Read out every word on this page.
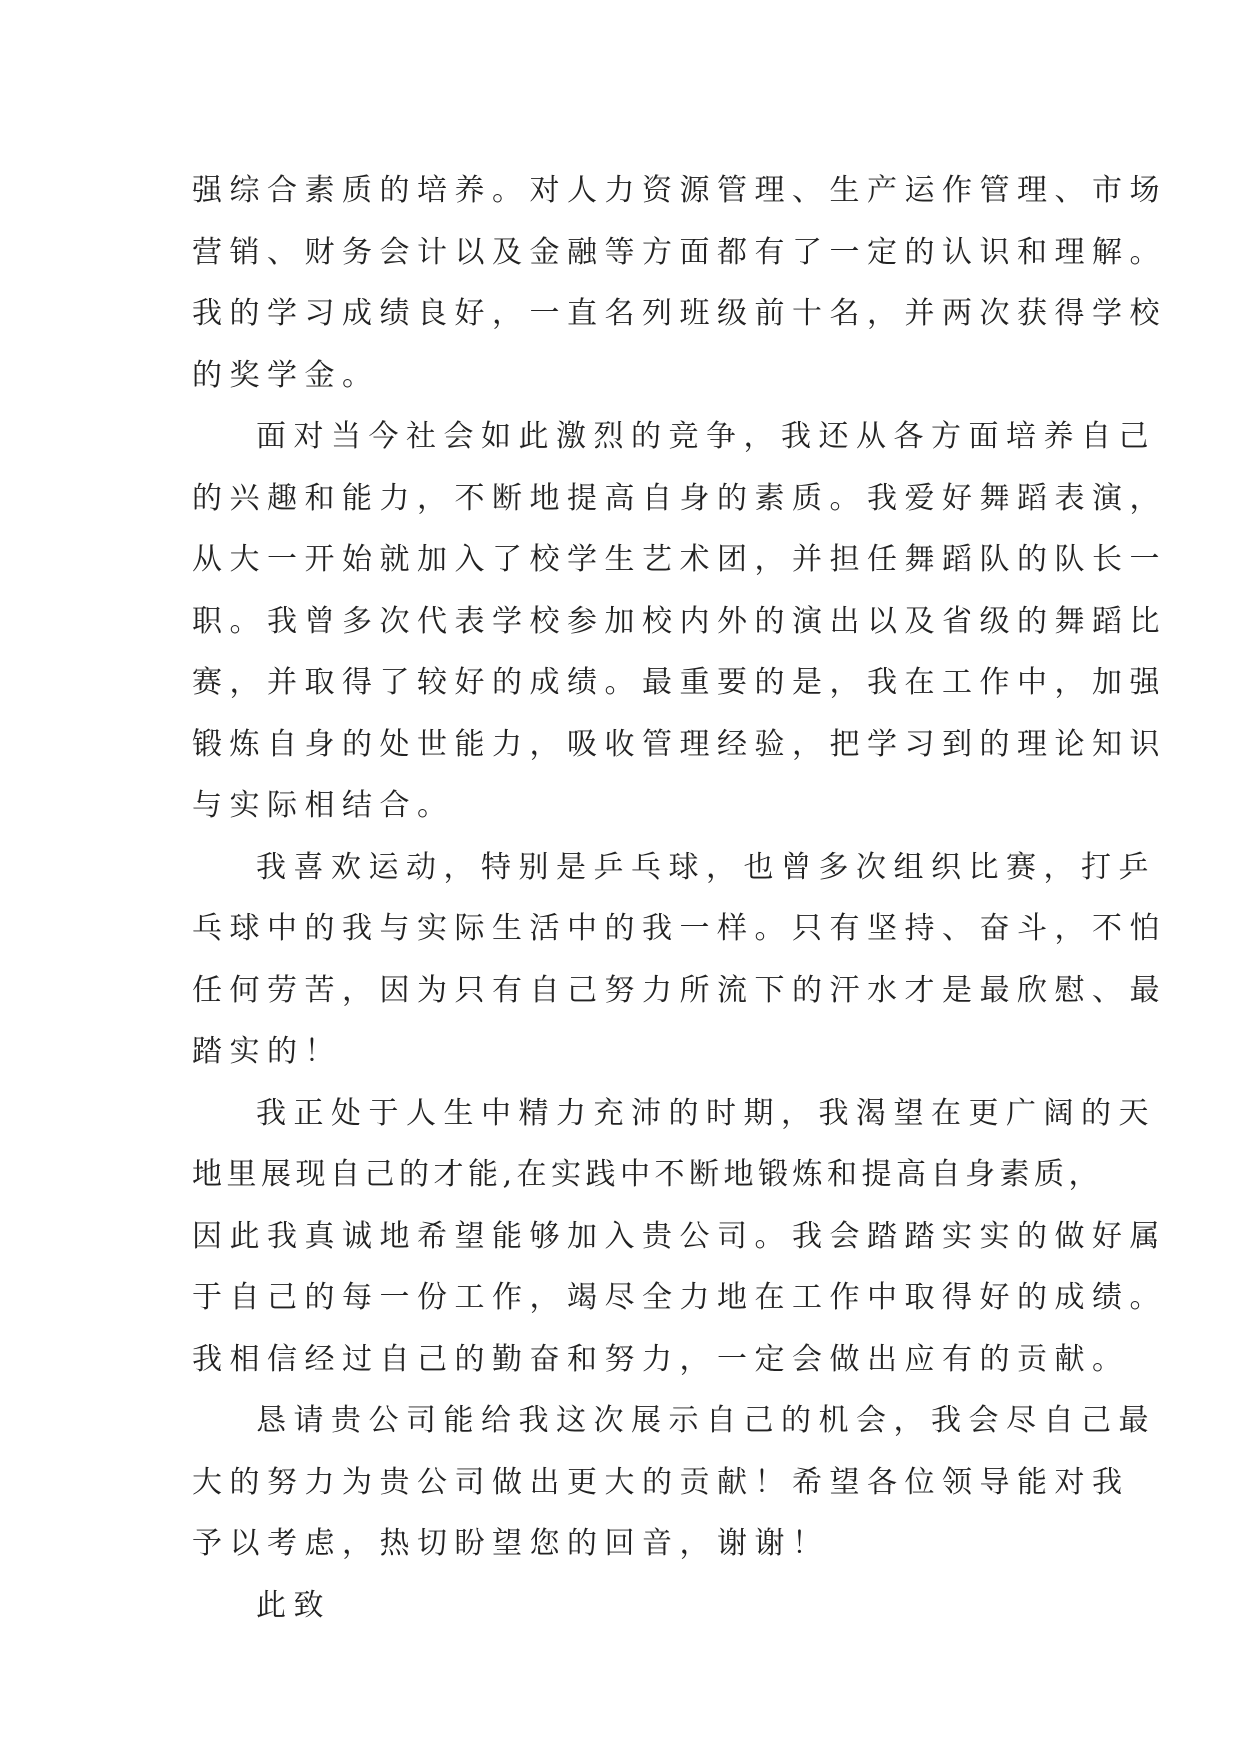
强综合素质的培养。对人力资源管理、生产运作管理、市场
营销、财务会计以及金融等方面都有了一定的认识和理解。
我的学习成绩良好，一直名列班级前十名，并两次获得学校
的奖学金。
面对当今社会如此激烈的竞争，我还从各方面培养自己
的兴趣和能力，不断地提高自身的素质。我爱好舞蹈表演，
从大一开始就加入了校学生艺术团，并担任舞蹈队的队长一
职。我曾多次代表学校参加校内外的演出以及省级的舞蹈比
赛，并取得了较好的成绩。最重要的是，我在工作中，加强
锻炼自身的处世能力，吸收管理经验，把学习到的理论知识
与实际相结合。
我喜欢运动，特别是乒乓球，也曾多次组织比赛，打乒
乓球中的我与实际生活中的我一样。只有坚持、奋斗，不怕
任何劳苦，因为只有自己努力所流下的汗水才是最欣慰、最
踏实的！
我正处于人生中精力充沛的时期，我渴望在更广阔的天
地里展现自己的才能,在实践中不断地锻炼和提高自身素质，
因此我真诚地希望能够加入贵公司。我会踏踏实实的做好属
于自己的每一份工作，竭尽全力地在工作中取得好的成绩。
我相信经过自己的勤奋和努力，一定会做出应有的贡献。
恳请贵公司能给我这次展示自己的机会，我会尽自己最
大的努力为贵公司做出更大的贡献！希望各位领导能对我
予以考虑，热切盼望您的回音，谢谢！
此致
